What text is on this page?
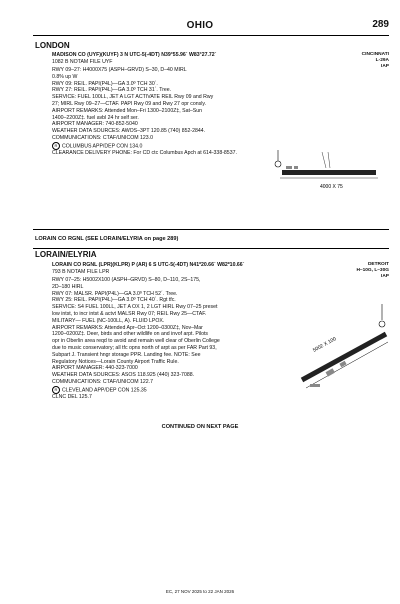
OHIO	289
LONDON
MADISON CO (UYF)(KUYF) 3 N UTC-5(-4DT) N39°55.96´ W83°27.72´
1082 B NOTAM FILE UYF
CINCINNATI
L-29A
IAP
RWY 09–27: H4000X75 (ASPH–GRVD) S–30, D–40 MIRL
0.8% up W
RWY 09: REIL. PAPI(P4L)—GA 3.0º TCH 30´.
RWY 27: REIL. PAPI(P4L)—GA 3.0º TCH 31´. Tree.
SERVICE: FUEL 100LL, JET A LGT ACTIVATE REIL Rwy 09 and Rwy
27; MIRL Rwy 09–27—CTAF. PAPI Rwy 09 and Rwy 27 opr consly.
AIRPORT REMARKS: Attended Mon–Fri 1300–2100Z‡, Sat–Sun
1400–2200Z‡. fuel avbl 24 hr self ser.
AIRPORT MANAGER: 740-852-5040
WEATHER DATA SOURCES: AWOS–3PT 120.85 (740) 852-2844.
COMMUNICATIONS: CTAF/UNICOM 123.0
R COLUMBUS APP/DEP CON 134.0
CLEARANCE DELIVERY PHONE: For CD ctc Columbus Apch at 614-338-8537.
4000 X 75
LORAIN CO RGNL (SEE LORAIN/ELYRIA on page 289)
LORAIN/ELYRIA
LORAIN CO RGNL (LPR)(KLPR) P (AR) 6 S UTC-5(-4DT) N41º20.66´ W82º10.66´
793 B NOTAM FILE LPR
DETROIT
H–10G, L–30G
IAP
RWY 07–25: H5002X100 (ASPH–GRVD) S–80, D–110, 2S–175,
2D–180 HIRL
RWY 07: MALSR. PAPI(P4L)—GA 3.0º TCH 52´. Tree.
RWY 25: REIL. PAPI(P4L)—GA 3.0º TCH 40´. Rgt tfc.
SERVICE: S4 FUEL 100LL, JET A OX 1, 2 LGT HIRL Rwy 07–25 preset
low intst, to incr intst & actvt MALSR Rwy 07; REIL Rwy 25—CTAF.
MILITARY— FUEL (NC-100LL, A). FLUID LPOX.
AIRPORT REMARKS: Attended Apr–Oct 1200–0300Z‡, Nov–Mar
1200–0200Z‡. Deer, birds and other wildlife on and invof arpt. Pilots
opr in Oberlin area reqd to avoid and remain well clear of Oberlin College
due to music conservatory; all tfc opns north of arpt as per FAR Part 93,
Subpart J. Transient hngr storage PPR. Landing fee. NOTE: See
Regulatory Notices—Lorain County Airport Traffic Rule.
AIRPORT MANAGER: 440-323-7000
WEATHER DATA SOURCES: ASOS 118.925 (440) 323-7088.
COMMUNICATIONS: CTAF/UNICOM 122.7
R CLEVELAND APP/DEP CON 125.35
CLNC DEL 125.7
5002 X 100
CONTINUED ON NEXT PAGE
EC, 27 NOV 2025 to 22 JAN 2026
